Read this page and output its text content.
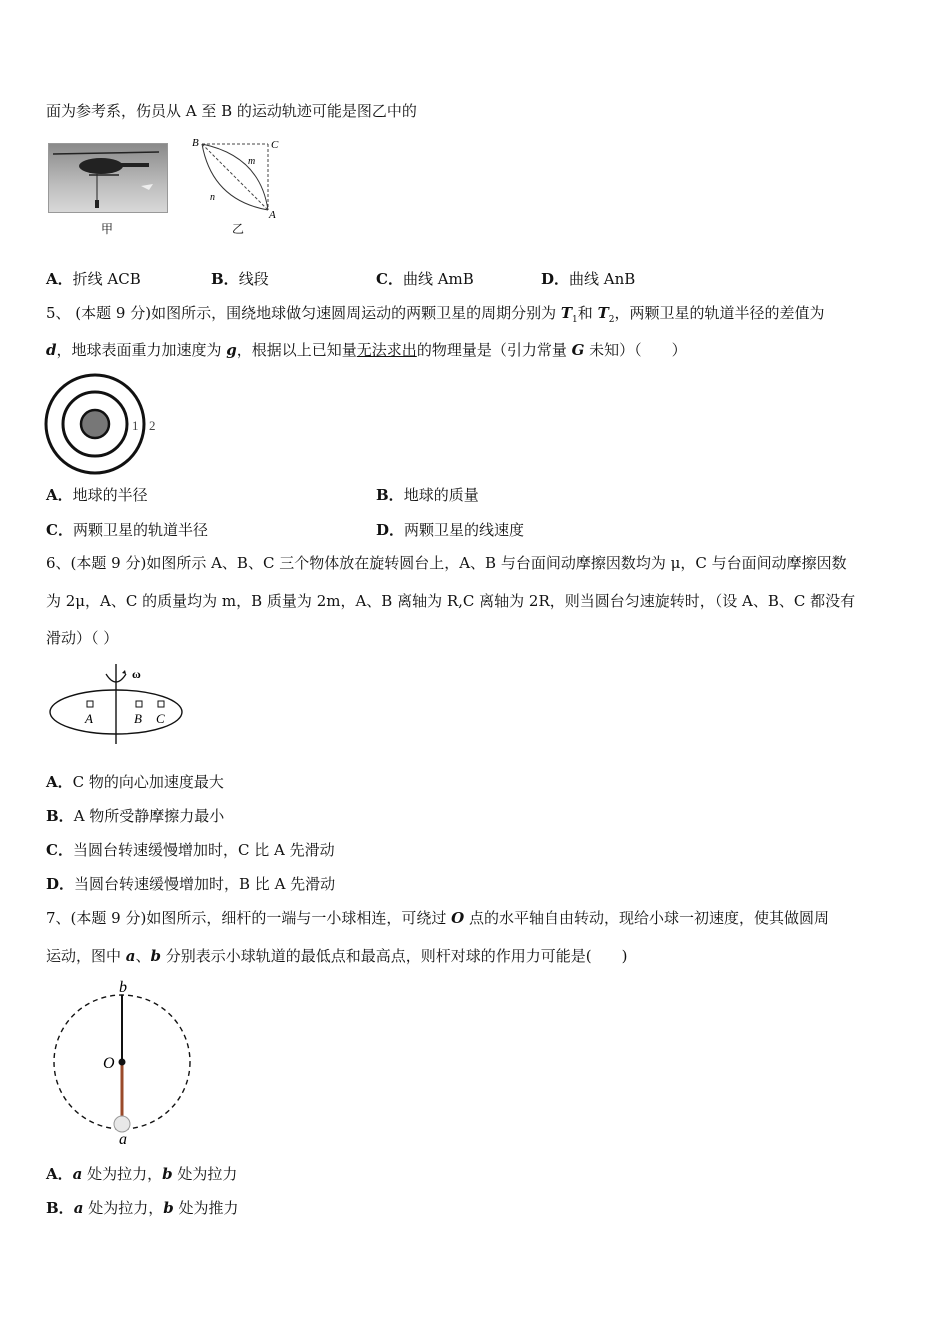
面为参考系，伤员从 A 至 B 的运动轨迹可能是图乙中的
甲
B	C
A
m
n
乙
A．折线 ACB	B．线段	C．曲线 AmB	D．曲线 AnB
5、 (本题 9 分)如图所示，围绕地球做匀速圆周运动的两颗卫星的周期分别为 $T_1$和 $T_2$，两颗卫星的轨道半径的差值为
d，地球表面重力加速度为 g，根据以上已知量无法求出的物理量是（引力常量 G 未知）（　　）
1 2
A．地球的半径	B．地球的质量
C．两颗卫星的轨道半径	D．两颗卫星的线速度
6、(本题 9 分)如图所示 A、B、C 三个物体放在旋转圆台上，A、B 与台面间动摩擦因数均为 μ，C 与台面间动摩擦因数
为 2μ，A、C 的质量均为 m，B 质量为 2m，A、B 离轴为 R,C 离轴为 2R，则当圆台匀速旋转时，（设 A、B、C 都没有
滑动）（ ）
ω
A	B C
A．C 物的向心加速度最大
B．A 物所受静摩擦力最小
C．当圆台转速缓慢增加时，C 比 A 先滑动
D．当圆台转速缓慢增加时，B 比 A 先滑动
7、(本题 9 分)如图所示，细杆的一端与一小球相连，可绕过 O 点的水平轴自由转动，现给小球一初速度，使其做圆周
运动，图中 a、b 分别表示小球轨道的最低点和最高点，则杆对球的作用力可能是(　　)
b
O
a
A．a 处为拉力，b 处为拉力
B．a 处为拉力，b 处为推力
